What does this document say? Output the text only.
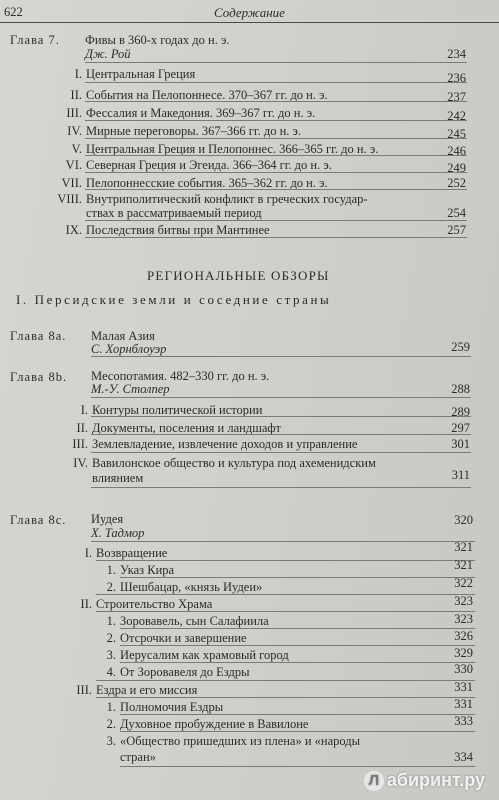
622	Содержание
Глава 7. Фивы в 360-х годах до н. э.
Дж. Рой	234
I. Центральная Греция	236
II. События на Пелопоннесе. 370–367 гг. до н. э.	237
III. Фессалия и Македония. 369–367 гг. до н. э.	242
IV. Мирные переговоры. 367–366 гг. до н. э.	245
V. Центральная Греция и Пелопоннес. 366–365 гг. до н. э.	246
VI. Северная Греция и Эгеида. 366–364 гг. до н. э.	249
VII. Пелопоннесские события. 365–362 гг. до н. э.	252
VIII. Внутриполитический конфликт в греческих государ-
ствах в рассматриваемый период	254
IX. Последствия битвы при Мантинее	257
РЕГИОНАЛЬНЫЕ ОБЗОРЫ
I. Персидские земли и соседние страны
Глава 8а. Малая Азия
С. Хорнблоуэр	259
Глава 8b. Месопотамия. 482–330 гг. до н. э.
М.-У. Столпер	288
I. Контуры политической истории	289
II. Документы, поселения и ландшафт	297
III. Землевладение, извлечение доходов и управление	301
IV. Вавилонское общество и культура под ахеменидским
влиянием	311
Глава 8с. Иудея
Х. Тадмор
320
I. Возвращение	321
1. Указ Кира	321
2. Шешбацар, «князь Иудеи»	322
II. Строительство Храма	323
1. Зоровавель, сын Салафиила	323
2. Отсрочки и завершение	326
3. Иерусалим как храмовый город	329
4. От Зоровавеля до Ездры	330
III. Ездра и его миссия	331
1. Полномочия Ездры	331
2. Духовное пробуждение в Вавилоне	333
3. «Общество пришедших из плена» и «народы
стран»	334
Л абиринт.ру
